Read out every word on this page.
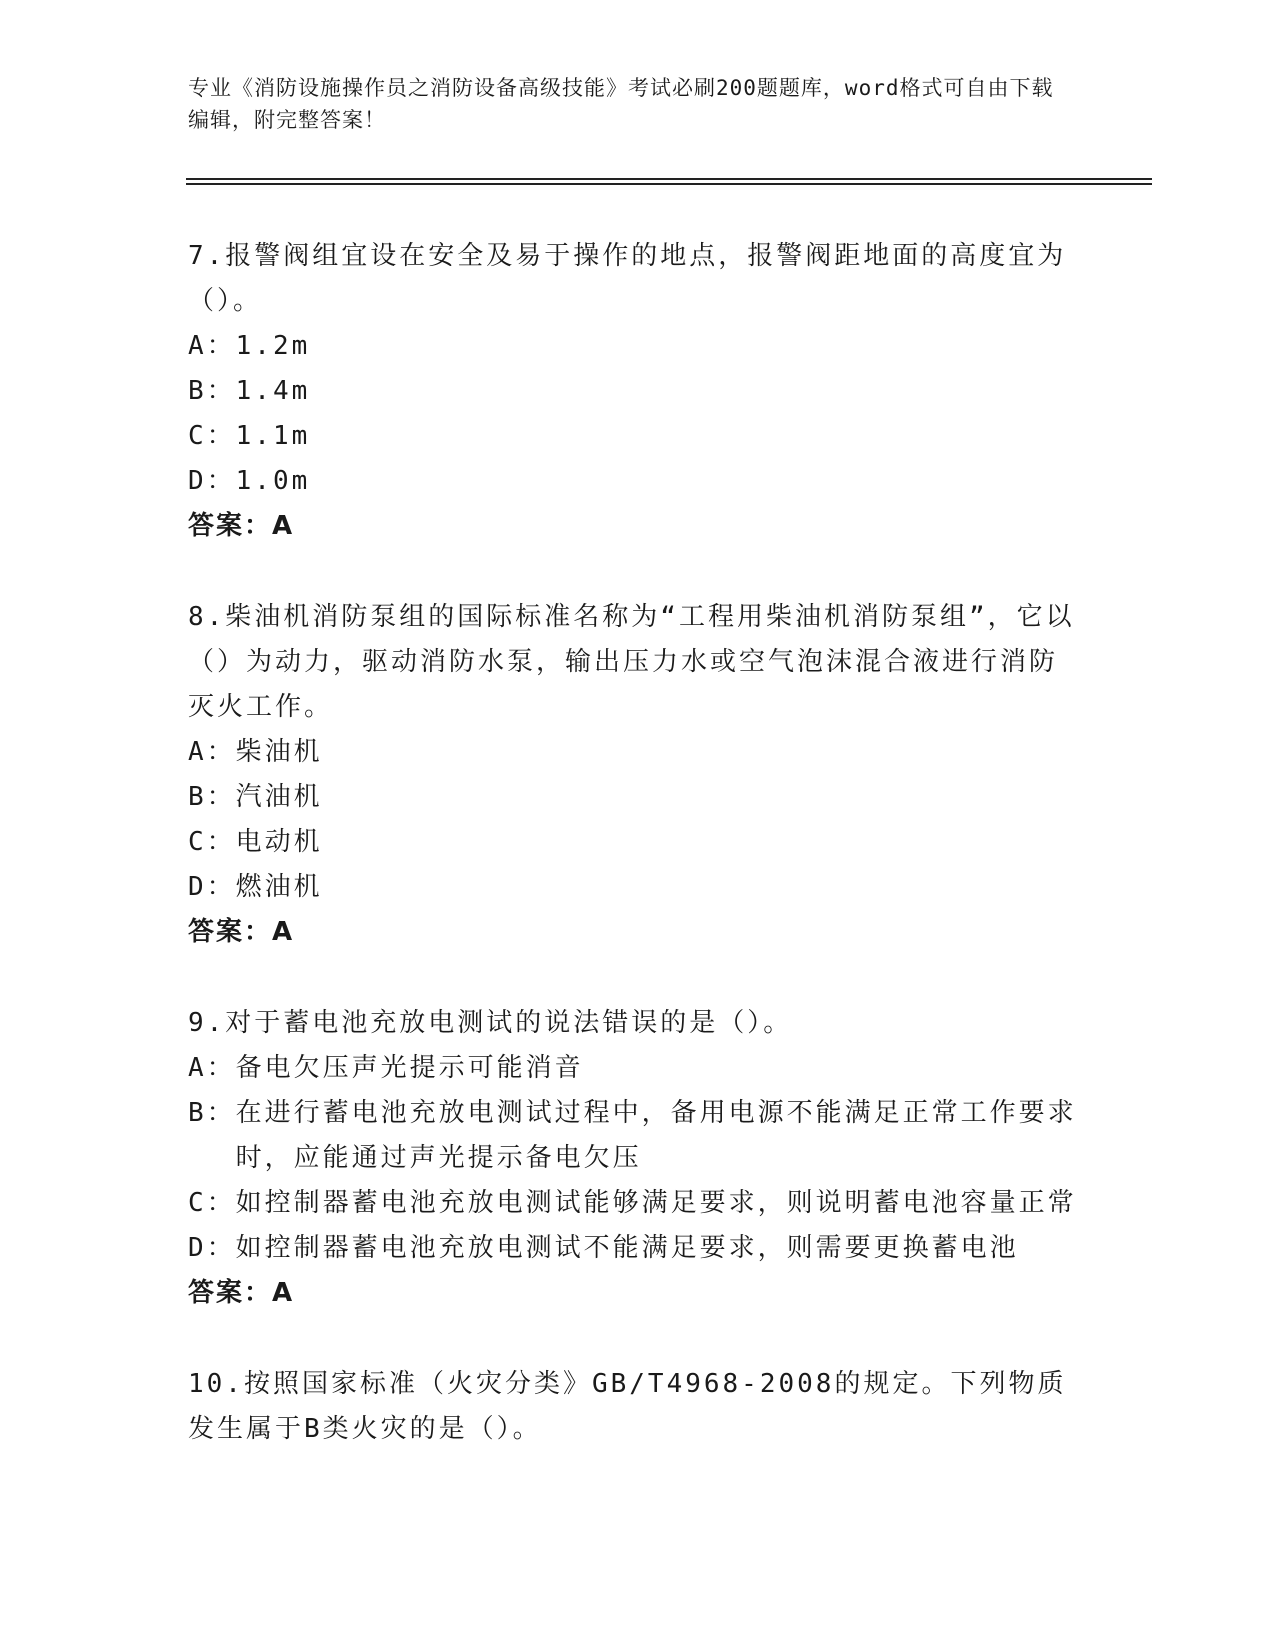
专业《消防设施操作员之消防设备高级技能》考试必刷200题题库，word格式可自由下载编辑，附完整答案！

7.报警阀组宜设在安全及易于操作的地点，报警阀距地面的高度宜为（）。

A： 1.2m
B： 1.4m
C： 1.1m
D： 1.0m

答案：A

8.柴油机消防泵组的国际标准名称为“工程用柴油机消防泵组”，它以（）为动力，驱动消防水泵，输出压力水或空气泡沫混合液进行消防灭火工作。

A： 柴油机
B： 汽油机
C： 电动机
D： 燃油机

答案：A

9.对于蓄电池充放电测试的说法错误的是（）。

A： 备电欠压声光提示可能消音
B： 在进行蓄电池充放电测试过程中，备用电源不能满足正常工作要求时，应能通过声光提示备电欠压
C： 如控制器蓄电池充放电测试能够满足要求，则说明蓄电池容量正常
D： 如控制器蓄电池充放电测试不能满足要求，则需要更换蓄电池

答案：A

10.按照国家标准（火灾分类》GB/T4968-2008的规定。下列物质发生属于B类火灾的是（）。
